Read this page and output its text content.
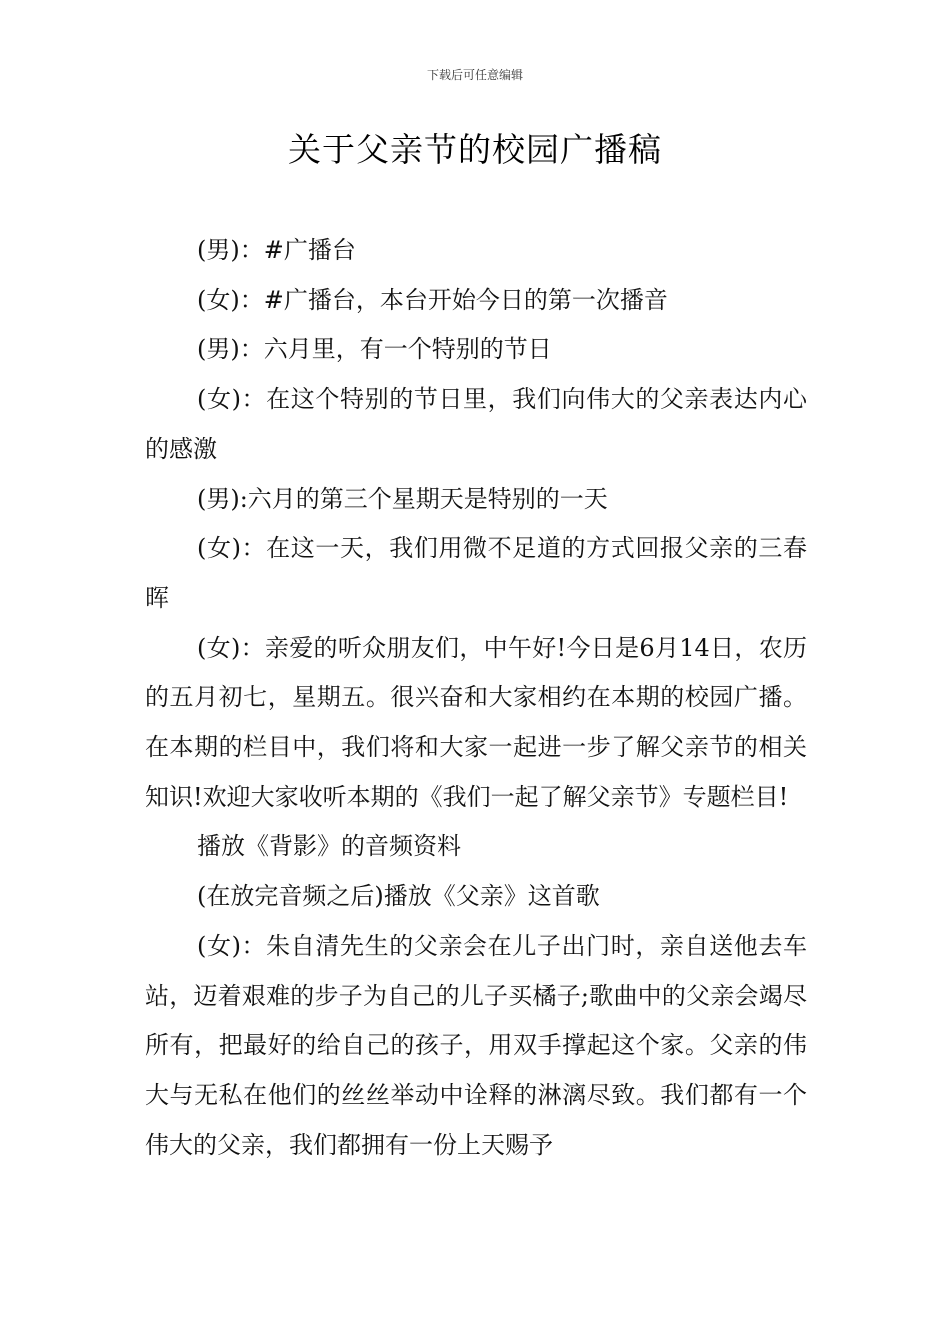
下载后可任意编辑
关于父亲节的校园广播稿

(男)：#广播台

(女)：#广播台，本台开始今日的第一次播音

(男)：六月里，有一个特别的节日

(女)：在这个特别的节日里，我们向伟大的父亲表达内心的感激

(男):六月的第三个星期天是特别的一天

(女)：在这一天，我们用微不足道的方式回报父亲的三春晖

(女)：亲爱的听众朋友们，中午好!今日是6月14日，农历的五月初七，星期五。很兴奋和大家相约在本期的校园广播。在本期的栏目中，我们将和大家一起进一步了解父亲节的相关知识!欢迎大家收听本期的《我们一起了解父亲节》专题栏目!

播放《背影》的音频资料

(在放完音频之后)播放《父亲》这首歌

(女)：朱自清先生的父亲会在儿子出门时，亲自送他去车站，迈着艰难的步子为自己的儿子买橘子;歌曲中的父亲会竭尽所有，把最好的给自己的孩子，用双手撑起这个家。父亲的伟大与无私在他们的丝丝举动中诠释的淋漓尽致。我们都有一个伟大的父亲，我们都拥有一份上天赐予
